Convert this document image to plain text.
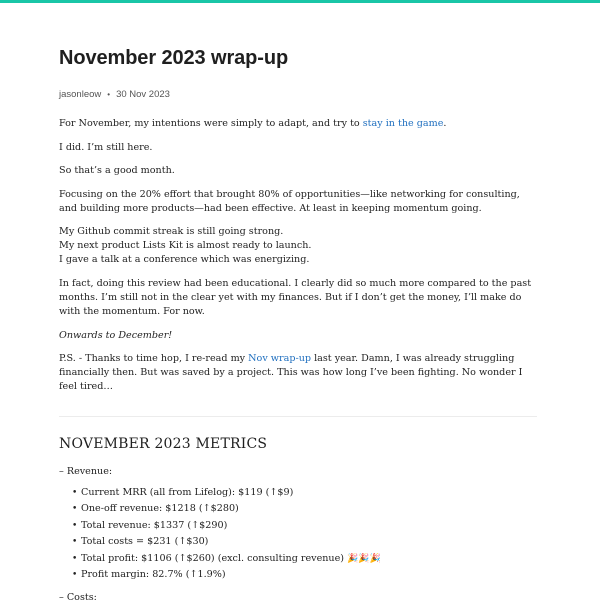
November 2023 wrap-up
jasonleow • 30 Nov 2023

For November, my intentions were simply to adapt, and try to stay in the game.

I did. I’m still here.

So that’s a good month.

Focusing on the 20% effort that brought 80% of opportunities—like networking for consulting, and building more products—had been effective. At least in keeping momentum going.

My Github commit streak is still going strong.
My next product Lists Kit is almost ready to launch.
I gave a talk at a conference which was energizing.

In fact, doing this review had been educational. I clearly did so much more compared to the past months. I’m still not in the clear yet with my finances. But if I don’t get the money, I’ll make do with the momentum. For now.

Onwards to December!

P.S. - Thanks to time hop, I re-read my Nov wrap-up last year. Damn, I was already struggling financially then. But was saved by a project. This was how long I’ve been fighting. No wonder I feel tired…

NOVEMBER 2023 METRICS
– Revenue:
• Current MRR (all from Lifelog): $119 (↑$9)
• One-off revenue: $1218 (↑$280)
• Total revenue: $1337 (↑$290)
• Total costs = $231 (↑$30)
• Total profit: $1106 (↑$260) (excl. consulting revenue) 🎉🎉🎉
• Profit margin: 82.7% (↑1.9%)
– Costs:
